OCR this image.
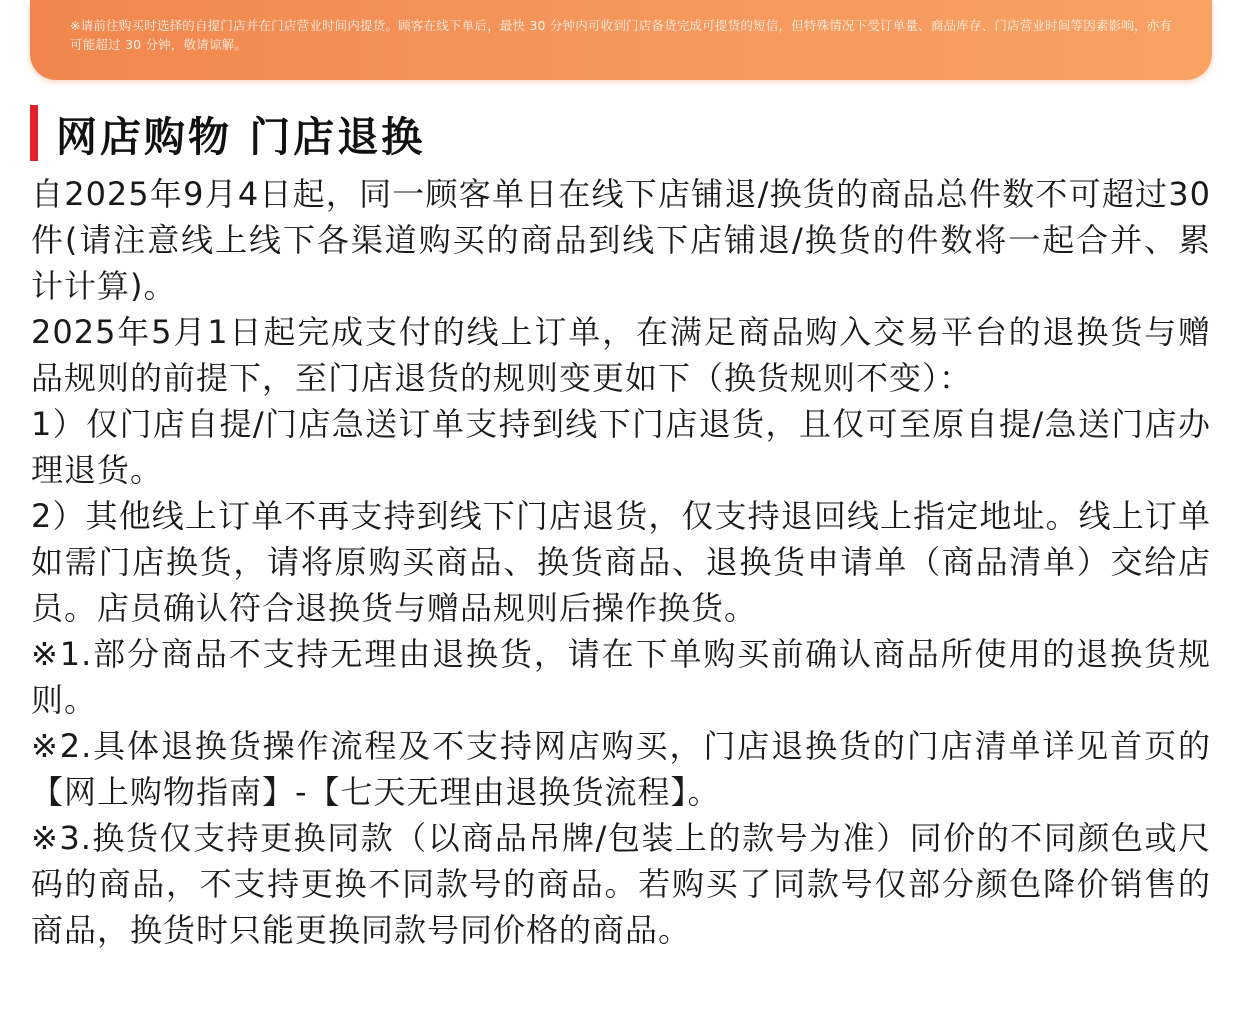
※请前往购买时选择的自提门店并在门店营业时间内提货。顾客在线下单后，最快 30 分钟内可收到门店备货完成可提货的短信，但特殊情况下受订单量、商品库存、门店营业时间等因素影响，亦有可能超过 30 分钟，敬请谅解。
网店购物 门店退换

自2025年9月4日起，同一顾客单日在线下店铺退/换货的商品总件数不可超过30件(请注意线上线下各渠道购买的商品到线下店铺退/换货的件数将一起合并、累计计算)。

2025年5月1日起完成支付的线上订单，在满足商品购入交易平台的退换货与赠品规则的前提下，至门店退货的规则变更如下（换货规则不变）：

1）仅门店自提/门店急送订单支持到线下门店退货，且仅可至原自提/急送门店办理退货。

2）其他线上订单不再支持到线下门店退货，仅支持退回线上指定地址。线上订单如需门店换货，请将原购买商品、换货商品、退换货申请单（商品清单）交给店员。店员确认符合退换货与赠品规则后操作换货。

※1.部分商品不支持无理由退换货，请在下单购买前确认商品所使用的退换货规则。

※2.具体退换货操作流程及不支持网店购买，门店退换货的门店清单详见首页的【网上购物指南】-【七天无理由退换货流程】。

※3.换货仅支持更换同款（以商品吊牌/包装上的款号为准）同价的不同颜色或尺码的商品，不支持更换不同款号的商品。若购买了同款号仅部分颜色降价销售的商品，换货时只能更换同款号同价格的商品。
